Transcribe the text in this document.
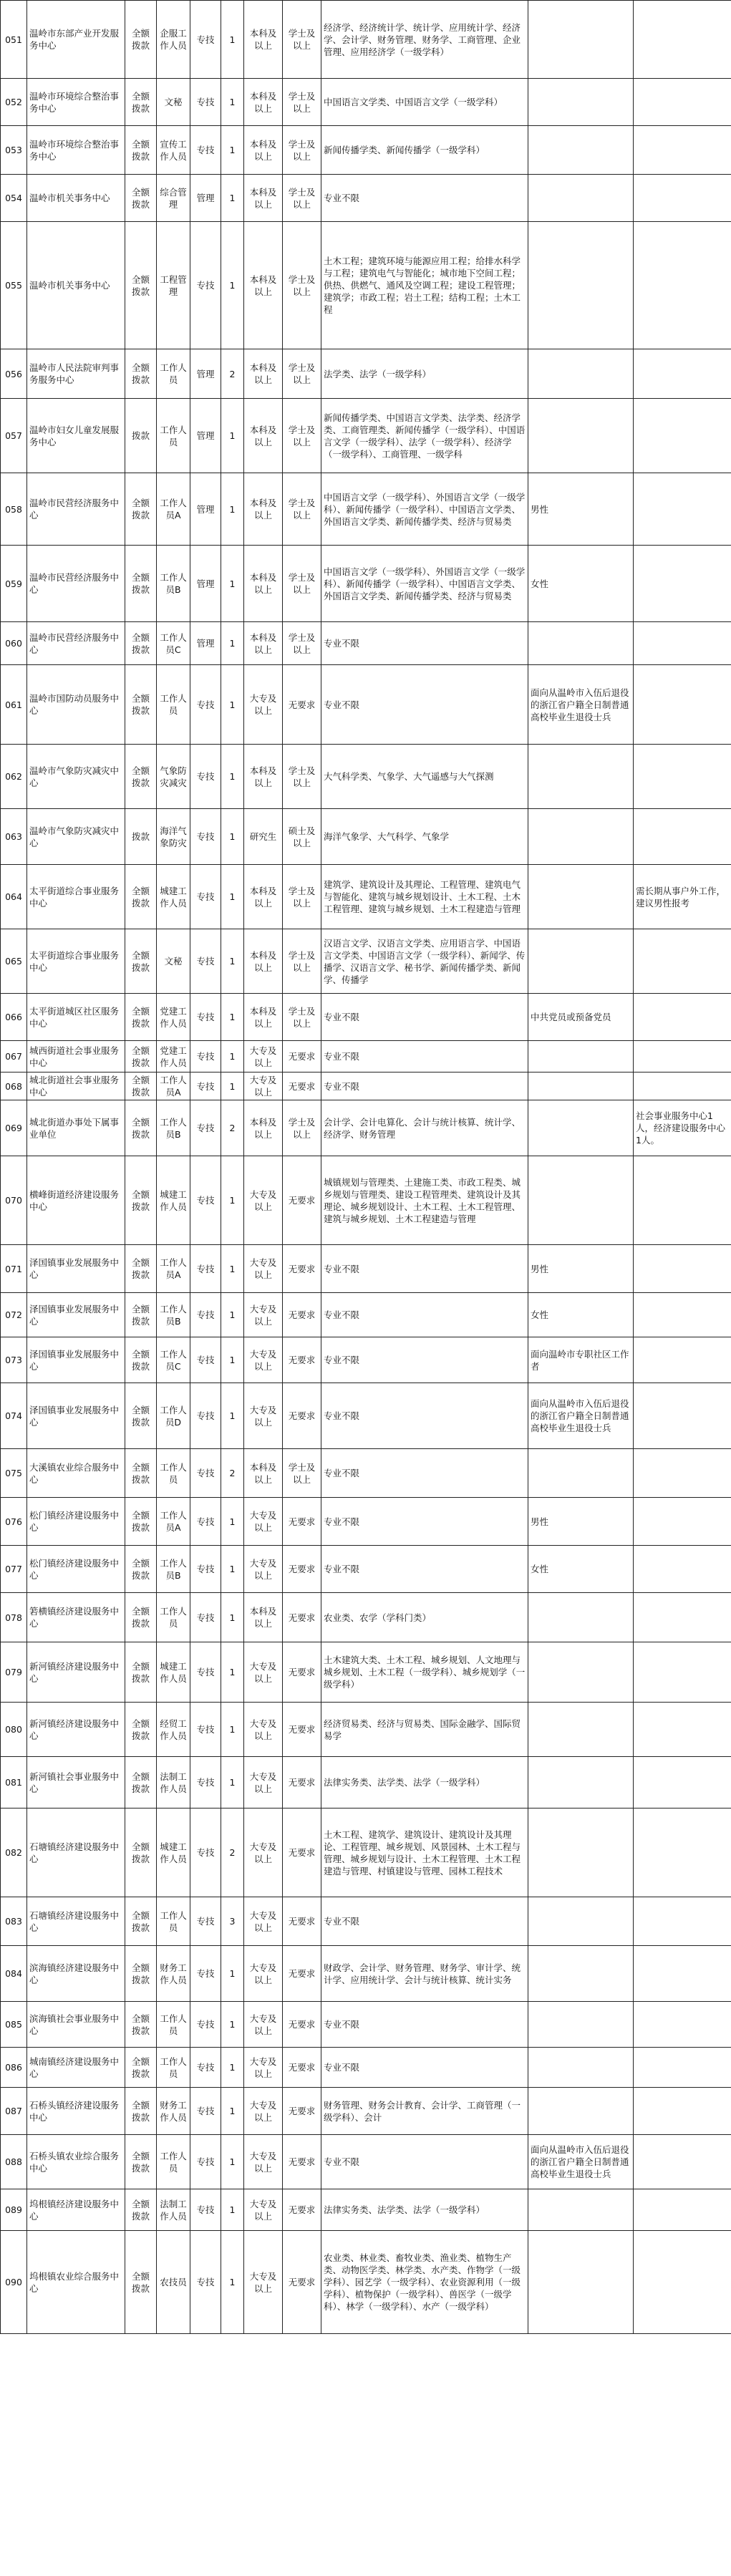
051	温岭市东部产业开发服务中心	全额拨款	企服工作人员	专技	1	本科及以上	学士及以上	经济学、经济统计学、统计学、应用统计学、经济学、会计学、财务管理、财务学、工商管理、企业管理、应用经济学（一级学科）		
052	温岭市环境综合整治事务中心	全额拨款	文秘	专技	1	本科及以上	学士及以上	中国语言文学类、中国语言文学（一级学科）		
053	温岭市环境综合整治事务中心	全额拨款	宣传工作人员	专技	1	本科及以上	学士及以上	新闻传播学类、新闻传播学（一级学科）		
054	温岭市机关事务中心	全额拨款	综合管理	管理	1	本科及以上	学士及以上	专业不限		
055	温岭市机关事务中心	全额拨款	工程管理	专技	1	本科及以上	学士及以上	土木工程；建筑环境与能源应用工程；给排水科学与工程；建筑电气与智能化；城市地下空间工程；供热、供燃气、通风及空调工程；建设工程管理；建筑学；市政工程；岩土工程；结构工程；土木工程		
056	温岭市人民法院审判事务服务中心	全额拨款	工作人员	管理	2	本科及以上	学士及以上	法学类、法学（一级学科）		
057	温岭市妇女儿童发展服务中心	拨款	工作人员	管理	1	本科及以上	学士及以上	新闻传播学类、中国语言文学类、法学类、经济学类、工商管理类、新闻传播学（一级学科）、中国语言文学（一级学科）、法学（一级学科）、经济学（一级学科）、工商管理、一级学科		
058	温岭市民营经济服务中心	全额拨款	工作人员A	管理	1	本科及以上	学士及以上	中国语言文学（一级学科）、外国语言文学（一级学科）、新闻传播学（一级学科）、中国语言文学类、外国语言文学类、新闻传播学类、经济与贸易类	男性	
059	温岭市民营经济服务中心	全额拨款	工作人员B	管理	1	本科及以上	学士及以上	中国语言文学（一级学科）、外国语言文学（一级学科）、新闻传播学（一级学科）、中国语言文学类、外国语言文学类、新闻传播学类、经济与贸易类	女性	
060	温岭市民营经济服务中心	全额拨款	工作人员C	管理	1	本科及以上	学士及以上	专业不限		
061	温岭市国防动员服务中心	全额拨款	工作人员	专技	1	大专及以上	无要求	专业不限	面向从温岭市入伍后退役的浙江省户籍全日制普通高校毕业生退役士兵	
062	温岭市气象防灾减灾中心	全额拨款	气象防灾减灾	专技	1	本科及以上	学士及以上	大气科学类、气象学、大气遥感与大气探测		
063	温岭市气象防灾减灾中心	拨款	海洋气象防灾	专技	1	研究生	硕士及以上	海洋气象学、大气科学、气象学		
064	太平街道综合事业服务中心	全额拨款	城建工作人员	专技	1	本科及以上	学士及以上	建筑学、建筑设计及其理论、工程管理、建筑电气与智能化、建筑与城乡规划设计、土木工程、土木工程管理、建筑与城乡规划、土木工程建造与管理		需长期从事户外工作，建议男性报考
065	太平街道综合事业服务中心	全额拨款	文秘	专技	1	本科及以上	学士及以上	汉语言文学、汉语言文学类、应用语言学、中国语言文学类、中国语言文学（一级学科）、新闻学、传播学、汉语言文学、秘书学、新闻传播学类、新闻学、传播学		
066	太平街道城区社区服务中心	全额拨款	党建工作人员	专技	1	本科及以上	学士及以上	专业不限	中共党员或预备党员	
067	城西街道社会事业服务中心	全额拨款	党建工作人员	专技	1	大专及以上	无要求	专业不限		
068	城北街道社会事业服务中心	全额拨款	工作人员A	专技	1	大专及以上	无要求	专业不限		
069	城北街道办事处下属事业单位	全额拨款	工作人员B	专技	2	本科及以上	学士及以上	会计学、会计电算化、会计与统计核算、统计学、经济学、财务管理		社会事业服务中心1人，经济建设服务中心1人。
070	横峰街道经济建设服务中心	全额拨款	城建工作人员	专技	1	大专及以上	无要求	城镇规划与管理类、土建施工类、市政工程类、城乡规划与管理类、建设工程管理类、建筑设计及其理论、城乡规划设计、土木工程、土木工程管理、建筑与城乡规划、土木工程建造与管理		
071	泽国镇事业发展服务中心	全额拨款	工作人员A	专技	1	大专及以上	无要求	专业不限	男性	
072	泽国镇事业发展服务中心	全额拨款	工作人员B	专技	1	大专及以上	无要求	专业不限	女性	
073	泽国镇事业发展服务中心	全额拨款	工作人员C	专技	1	大专及以上	无要求	专业不限	面向温岭市专职社区工作者	
074	泽国镇事业发展服务中心	全额拨款	工作人员D	专技	1	大专及以上	无要求	专业不限	面向从温岭市入伍后退役的浙江省户籍全日制普通高校毕业生退役士兵	
075	大溪镇农业综合服务中心	全额拨款	工作人员	专技	2	本科及以上	学士及以上	专业不限		
076	松门镇经济建设服务中心	全额拨款	工作人员A	专技	1	大专及以上	无要求	专业不限	男性	
077	松门镇经济建设服务中心	全额拨款	工作人员B	专技	1	大专及以上	无要求	专业不限	女性	
078	箬横镇经济建设服务中心	全额拨款	工作人员	专技	1	本科及以上	无要求	农业类、农学（学科门类）		
079	新河镇经济建设服务中心	全额拨款	城建工作人员	专技	1	大专及以上	无要求	土木建筑大类、土木工程、城乡规划、人文地理与城乡规划、土木工程（一级学科）、城乡规划学（一级学科）		
080	新河镇经济建设服务中心	全额拨款	经贸工作人员	专技	1	大专及以上	无要求	经济贸易类、经济与贸易类、国际金融学、国际贸易学		
081	新河镇社会事业服务中心	全额拨款	法制工作人员	专技	1	大专及以上	无要求	法律实务类、法学类、法学（一级学科）		
082	石塘镇经济建设服务中心	全额拨款	城建工作人员	专技	2	大专及以上	无要求	土木工程、建筑学、建筑设计、建筑设计及其理论、工程管理、城乡规划、风景园林、土木工程与管理、城乡规划与设计、土木工程管理、土木工程建造与管理、村镇建设与管理、园林工程技术		
083	石塘镇经济建设服务中心	全额拨款	工作人员	专技	3	大专及以上	无要求	专业不限		
084	滨海镇经济建设服务中心	全额拨款	财务工作人员	专技	1	大专及以上	无要求	财政学、会计学、财务管理、财务学、审计学、统计学、应用统计学、会计与统计核算、统计实务		
085	滨海镇社会事业服务中心	全额拨款	工作人员	专技	1	大专及以上	无要求	专业不限		
086	城南镇经济建设服务中心	全额拨款	工作人员	专技	1	大专及以上	无要求	专业不限		
087	石桥头镇经济建设服务中心	全额拨款	财务工作人员	专技	1	大专及以上	无要求	财务管理、财务会计教育、会计学、工商管理（一级学科）、会计		
088	石桥头镇农业综合服务中心	全额拨款	工作人员	专技	1	大专及以上	无要求	专业不限	面向从温岭市入伍后退役的浙江省户籍全日制普通高校毕业生退役士兵	
089	坞根镇经济建设服务中心	全额拨款	法制工作人员	专技	1	大专及以上	无要求	法律实务类、法学类、法学（一级学科）		
090	坞根镇农业综合服务中心	全额拨款	农技员	专技	1	大专及以上	无要求	农业类、林业类、畜牧业类、渔业类、植物生产类、动物医学类、林学类、水产类、作物学（一级学科）、园艺学（一级学科）、农业资源利用（一级学科）、植物保护（一级学科）、兽医学（一级学科）、林学（一级学科）、水产（一级学科）		
